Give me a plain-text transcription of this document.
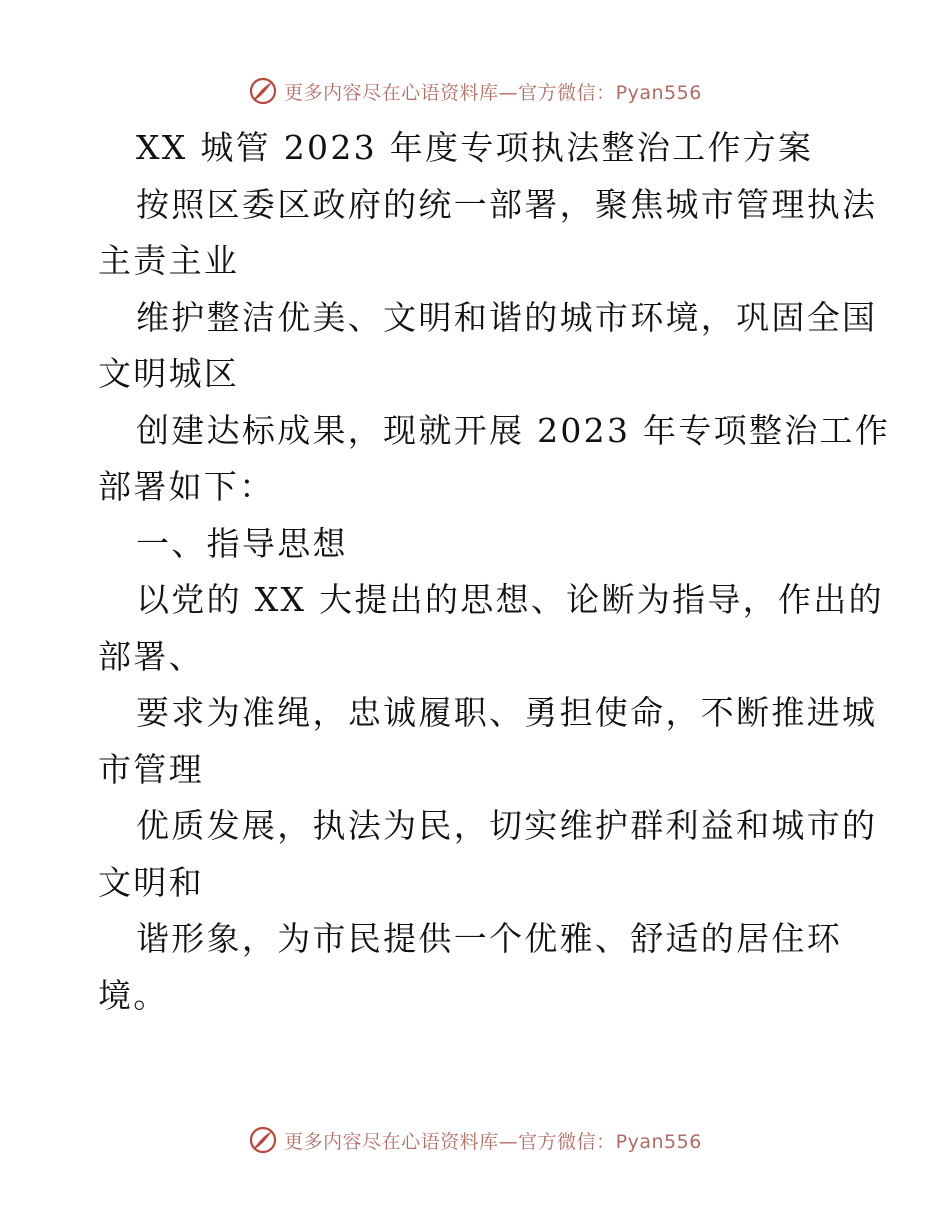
更多内容尽在心语资料库—官方微信：Pyan556
XX 城管 2023 年度专项执法整治工作方案
按照区委区政府的统一部署，聚焦城市管理执法
主责主业
维护整洁优美、文明和谐的城市环境，巩固全国
文明城区
创建达标成果，现就开展 2023 年专项整治工作
部署如下：
一、指导思想
以党的 XX 大提出的思想、论断为指导，作出的
部署、
要求为准绳，忠诚履职、勇担使命，不断推进城
市管理
优质发展，执法为民，切实维护群利益和城市的
文明和
谐形象，为市民提供一个优雅、舒适的居住环
境。
更多内容尽在心语资料库—官方微信：Pyan556
